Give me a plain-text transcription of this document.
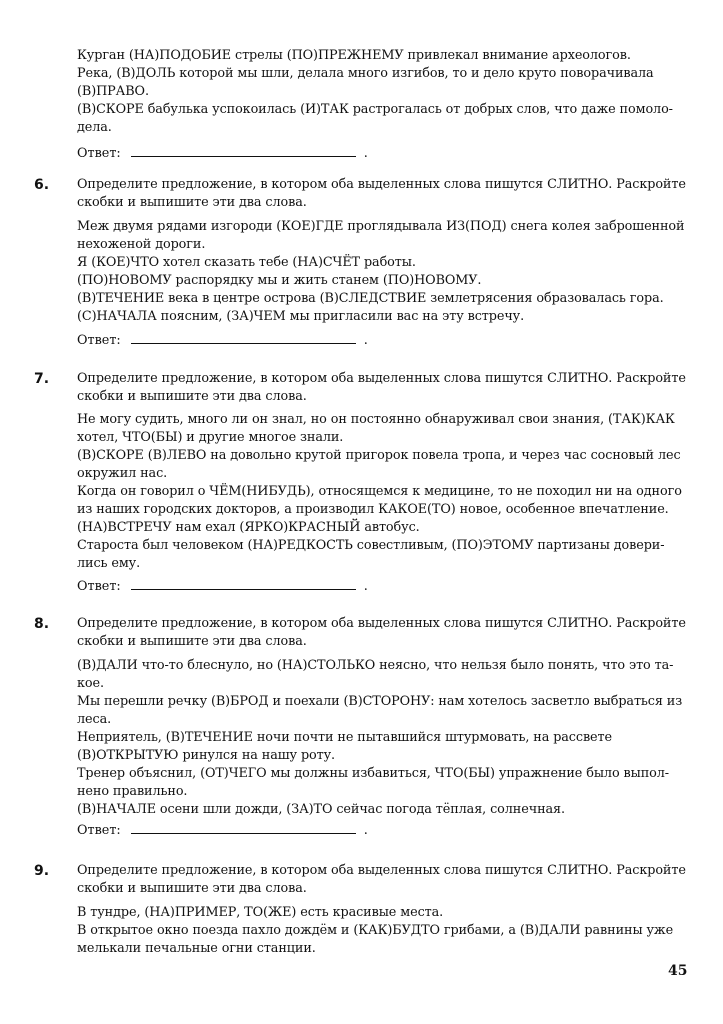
Курган (НА)ПОДОБИЕ стрелы (ПО)ПРЕЖНЕМУ привлекал внимание археологов.
Река, (В)ДОЛЬ которой мы шли, делала много изгибов, то и дело круто поворачивала
(В)ПРАВО.
(В)СКОРЕ бабулька успокоилась (И)ТАК растрогалась от добрых слов, что даже помоло-
дела.
Ответ:	.
6. Определите предложение, в котором оба выделенных слова пишутся СЛИТНО. Раскройте
скобки и выпишите эти два слова.
Меж двумя рядами изгороди (КОЕ)ГДЕ проглядывала ИЗ(ПОД) снега колея заброшенной
нехоженой дороги.
Я (КОЕ)ЧТО хотел сказать тебе (НА)СЧЁТ работы.
(ПО)НОВОМУ распорядку мы и жить станем (ПО)НОВОМУ.
(В)ТЕЧЕНИЕ века в центре острова (В)СЛЕДСТВИЕ землетрясения образовалась гора.
(С)НАЧАЛА поясним, (ЗА)ЧЕМ мы пригласили вас на эту встречу.
Ответ:	.
7. Определите предложение, в котором оба выделенных слова пишутся СЛИТНО. Раскройте
скобки и выпишите эти два слова.
Не могу судить, много ли он знал, но он постоянно обнаруживал свои знания, (ТАК)КАК
хотел, ЧТО(БЫ) и другие многое знали.
(В)СКОРЕ (В)ЛЕВО на довольно крутой пригорок повела тропа, и через час сосновый лес
окружил нас.
Когда он говорил о ЧЁМ(НИБУДЬ), относящемся к медицине, то не походил ни на одного
из наших городских докторов, а производил КАКОЕ(ТО) новое, особенное впечатление.
(НА)ВСТРЕЧУ нам ехал (ЯРКО)КРАСНЫЙ автобус.
Староста был человеком (НА)РЕДКОСТЬ совестливым, (ПО)ЭТОМУ партизаны довери-
лись ему.
Ответ:	.
8. Определите предложение, в котором оба выделенных слова пишутся СЛИТНО. Раскройте
скобки и выпишите эти два слова.
(В)ДАЛИ что-то блеснуло, но (НА)СТОЛЬКО неясно, что нельзя было понять, что это та-
кое.
Мы перешли речку (В)БРОД и поехали (В)СТОРОНУ: нам хотелось засветло выбраться из
леса.
Неприятель, (В)ТЕЧЕНИЕ ночи почти не пытавшийся штурмовать, на рассвете
(В)ОТКРЫТУЮ ринулся на нашу роту.
Тренер объяснил, (ОТ)ЧЕГО мы должны избавиться, ЧТО(БЫ) упражнение было выпол-
нено правильно.
(В)НАЧАЛЕ осени шли дожди, (ЗА)ТО сейчас погода тёплая, солнечная.
Ответ:	.
9. Определите предложение, в котором оба выделенных слова пишутся СЛИТНО. Раскройте
скобки и выпишите эти два слова.
В тундре, (НА)ПРИМЕР, ТО(ЖЕ) есть красивые места.
В открытое окно поезда пахло дождём и (КАК)БУДТО грибами, а (В)ДАЛИ равнины уже
мелькали печальные огни станции.
45
